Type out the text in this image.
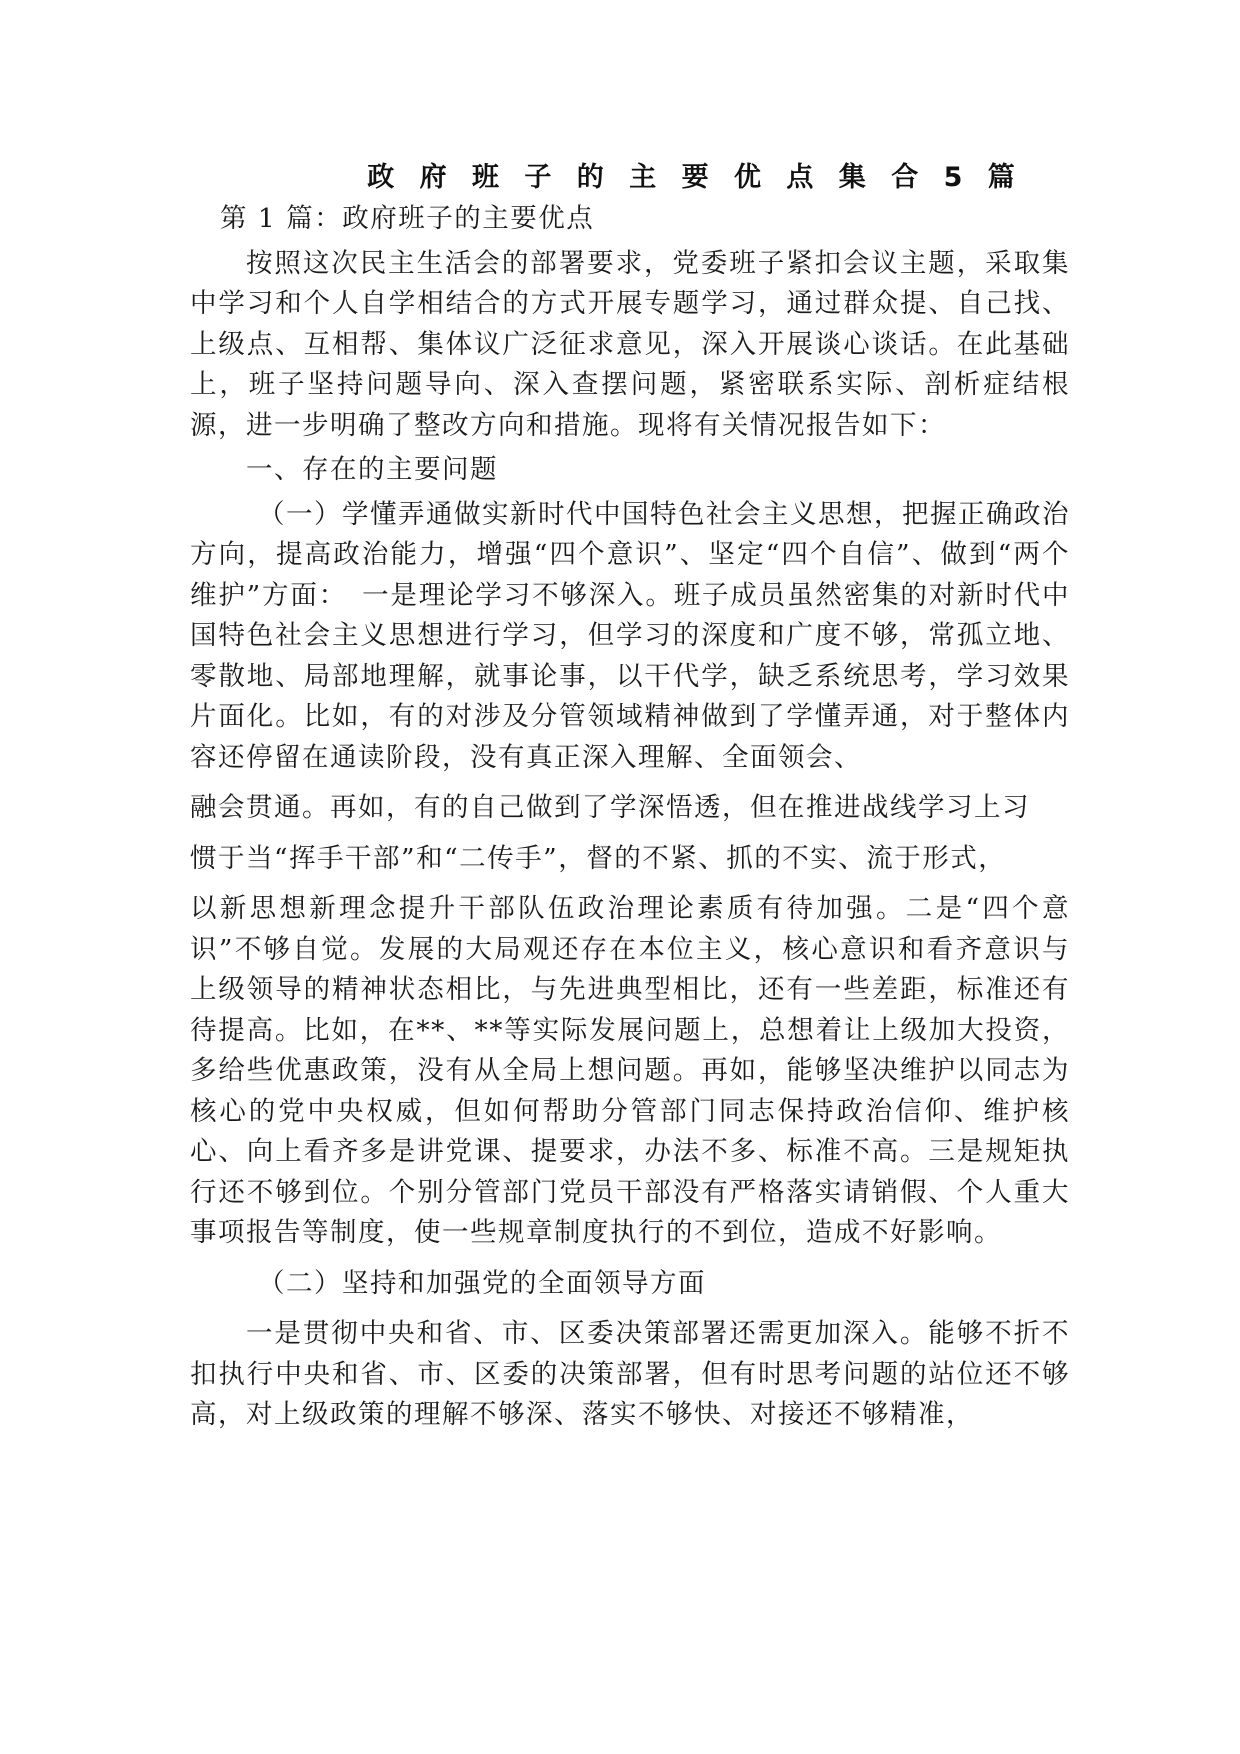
政 府 班 子 的 主 要 优 点 集 合 5 篇

第 1 篇：政府班子的主要优点

按照这次民主生活会的部署要求，党委班子紧扣会议主题，采取集中学习和个人自学相结合的方式开展专题学习，通过群众提、自己找、上级点、互相帮、集体议广泛征求意见，深入开展谈心谈话。在此基础上，班子坚持问题导向、深入查摆问题，紧密联系实际、剖析症结根源，进一步明确了整改方向和措施。现将有关情况报告如下：

一、存在的主要问题

（一）学懂弄通做实新时代中国特色社会主义思想，把握正确政治方向，提高政治能力，增强“四个意识”、坚定“四个自信”、做到“两个维护”方面：　一是理论学习不够深入。班子成员虽然密集的对新时代中国特色社会主义思想进行学习，但学习的深度和广度不够，常孤立地、零散地、局部地理解，就事论事，以干代学，缺乏系统思考，学习效果片面化。比如，有的对涉及分管领域精神做到了学懂弄通，对于整体内容还停留在通读阶段，没有真正深入理解、全面领会、

融会贯通。再如，有的自己做到了学深悟透，但在推进战线学习上习

惯于当“挥手干部”和“二传手”，督的不紧、抓的不实、流于形式，

以新思想新理念提升干部队伍政治理论素质有待加强。二是“四个意识”不够自觉。发展的大局观还存在本位主义，核心意识和看齐意识与上级领导的精神状态相比，与先进典型相比，还有一些差距，标准还有待提高。比如，在**、**等实际发展问题上，总想着让上级加大投资，多给些优惠政策，没有从全局上想问题。再如，能够坚决维护以同志为核心的党中央权威，但如何帮助分管部门同志保持政治信仰、维护核心、向上看齐多是讲党课、提要求，办法不多、标准不高。三是规矩执行还不够到位。个别分管部门党员干部没有严格落实请销假、个人重大事项报告等制度，使一些规章制度执行的不到位，造成不好影响。

（二）坚持和加强党的全面领导方面

一是贯彻中央和省、市、区委决策部署还需更加深入。能够不折不扣执行中央和省、市、区委的决策部署，但有时思考问题的站位还不够高，对上级政策的理解不够深、落实不够快、对接还不够精准，
